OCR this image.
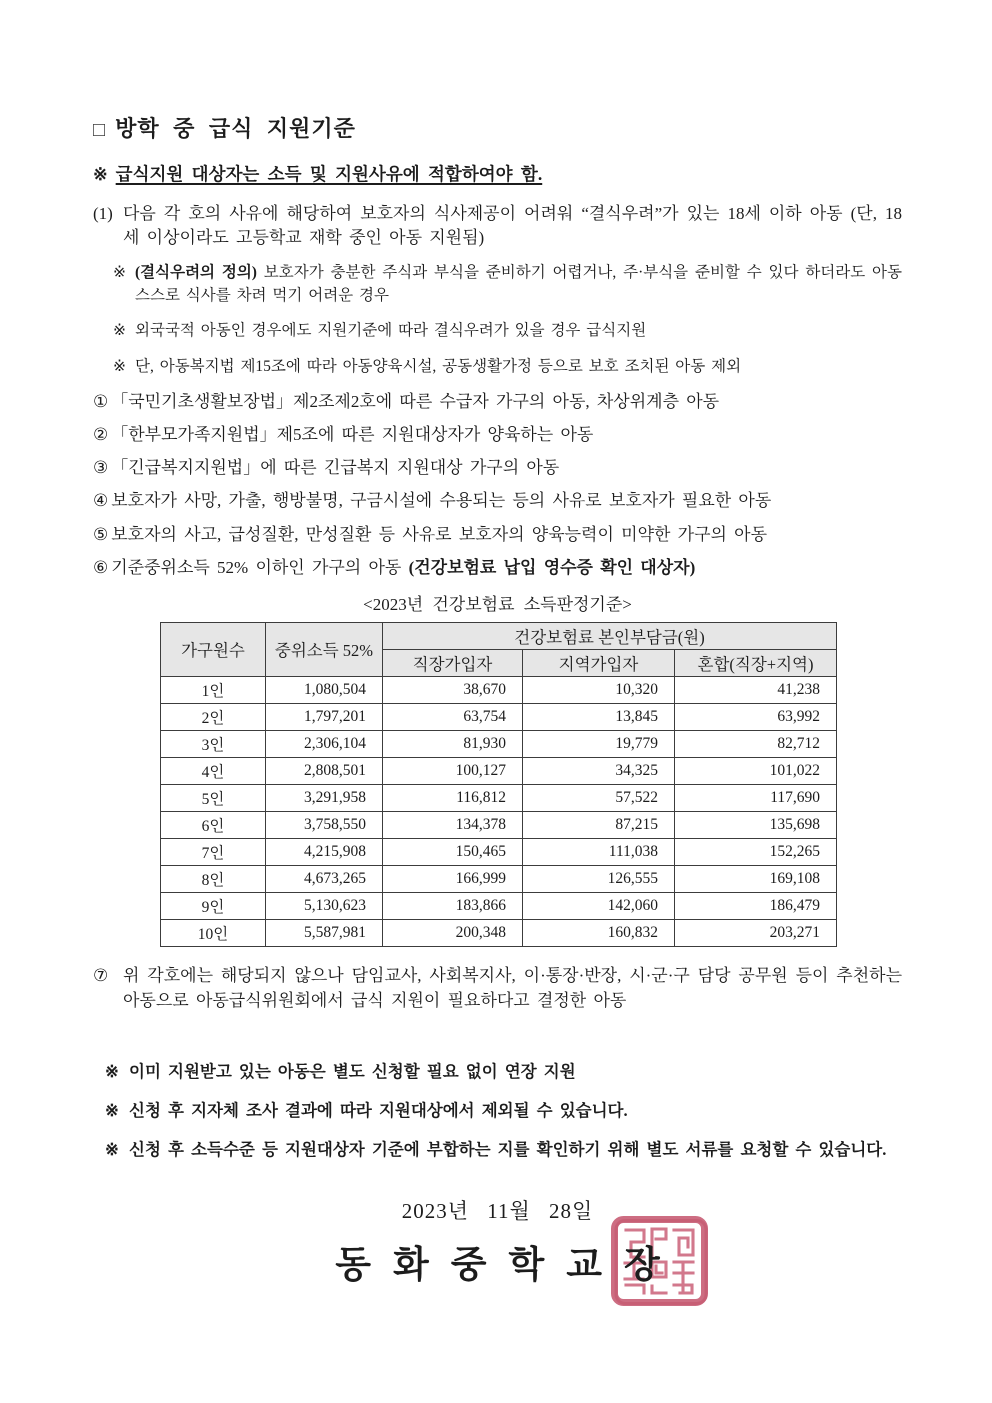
□ 방학 중 급식 지원기준
※ 급식지원 대상자는 소득 및 지원사유에 적합하여야 함.

(1) 다음 각 호의 사유에 해당하여 보호자의 식사제공이 어려워 “결식우려”가 있는 18세 이하 아동 (단, 18세 이상이라도 고등학교 재학 중인 아동 지원됨)

※ (결식우려의 정의) 보호자가 충분한 주식과 부식을 준비하기 어렵거나, 주·부식을 준비할 수 있다 하더라도 아동 스스로 식사를 차려 먹기 어려운 경우
※ 외국국적 아동인 경우에도 지원기준에 따라 결식우려가 있을 경우 급식지원
※ 단, 아동복지법 제15조에 따라 아동양육시설, 공동생활가정 등으로 보호 조치된 아동 제외

① 「국민기초생활보장법」제2조제2호에 따른 수급자 가구의 아동, 차상위계층 아동

② 「한부모가족지원법」제5조에 따른 지원대상자가 양육하는 아동

③ 「긴급복지지원법」에 따른 긴급복지 지원대상 가구의 아동

④ 보호자가 사망, 가출, 행방불명, 구금시설에 수용되는 등의 사유로 보호자가 필요한 아동

⑤ 보호자의 사고, 급성질환, 만성질환 등 사유로 보호자의 양육능력이 미약한 가구의 아동

⑥ 기준중위소득 52% 이하인 가구의 아동 (건강보험료 납입 영수증 확인 대상자)

<2023년 건강보험료 소득판정기준>
가구원수	중위소득 52%	건강보험료 본인부담금(원)		
		직장가입자	지역가입자	혼합(직장+지역)
1인	1,080,504	38,670	10,320	41,238
2인	1,797,201	63,754	13,845	63,992
3인	2,306,104	81,930	19,779	82,712
4인	2,808,501	100,127	34,325	101,022
5인	3,291,958	116,812	57,522	117,690
6인	3,758,550	134,378	87,215	135,698
7인	4,215,908	150,465	111,038	152,265
8인	4,673,265	166,999	126,555	169,108
9인	5,130,623	183,866	142,060	186,479
10인	5,587,981	200,348	160,832	203,271

⑦ 위 각호에는 해당되지 않으나 담임교사, 사회복지사, 이·통장·반장, 시·군·구 담당 공무원 등이 추천하는 아동으로 아동급식위원회에서 급식 지원이 필요하다고 결정한 아동

※ 이미 지원받고 있는 아동은 별도 신청할 필요 없이 연장 지원
※ 신청 후 지자체 조사 결과에 따라 지원대상에서 제외될 수 있습니다.
※ 신청 후 소득수준 등 지원대상자 기준에 부합하는 지를 확인하기 위해 별도 서류를 요청할 수 있습니다.
2023년 11월 28일
동화중학교장
